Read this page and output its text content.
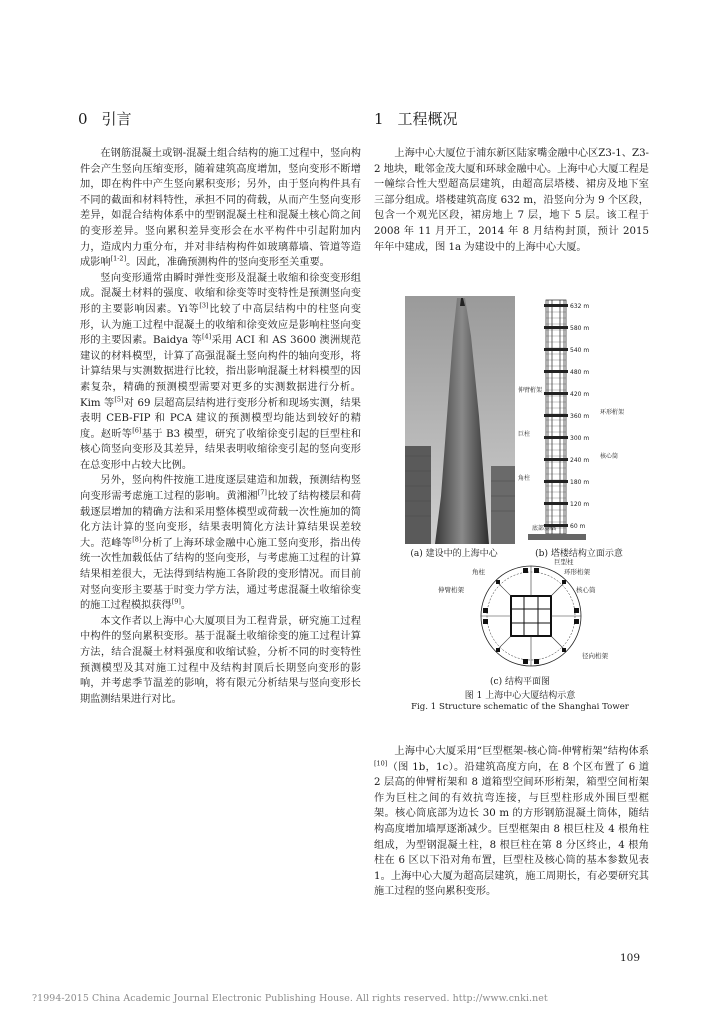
0 引言	1 工程概况

在钢筋混凝土或钢-混凝土组合结构的施工过程中，竖向构件会产生竖向压缩变形，随着建筑高度增加，竖向变形不断增加，即在构件中产生竖向累积变形；另外，由于竖向构件具有不同的截面和材料特性，承担不同的荷载，从而产生竖向变形差异，如混合结构体系中的型钢混凝土柱和混凝土核心筒之间的变形差异。竖向累积差异变形会在水平构件中引起附加内力，造成内力重分布，并对非结构构件如玻璃幕墙、管道等造成影响[1-2]。因此，准确预测构件的竖向变形至关重要。

竖向变形通常由瞬时弹性变形及混凝土收缩和徐变变形组成。混凝土材料的强度、收缩和徐变等时变特性是预测竖向变形的主要影响因素。Yi等[3]比较了中高层结构中的柱竖向变形，认为施工过程中混凝土的收缩和徐变效应是影响柱竖向变形的主要因素。Baidya 等[4]采用 ACI 和 AS 3600 澳洲规范建议的材料模型，计算了高强混凝土竖向构件的轴向变形，将计算结果与实测数据进行比较，指出影响混凝土材料模型的因素复杂，精确的预测模型需要对更多的实测数据进行分析。Kim 等[5]对 69 层超高层结构进行变形分析和现场实测，结果表明 CEB-FIP 和 PCA 建议的预测模型均能达到较好的精度。赵昕等[6]基于 B3 模型，研究了收缩徐变引起的巨型柱和核心筒竖向变形及其差异，结果表明收缩徐变引起的竖向变形在总变形中占较大比例。

另外，竖向构件按施工进度逐层建造和加载，预测结构竖向变形需考虑施工过程的影响。黄湘湘[7]比较了结构楼层和荷载逐层增加的精确方法和采用整体模型或荷载一次性施加的简化方法计算的竖向变形，结果表明简化方法计算结果误差较大。范峰等[8]分析了上海环球金融中心施工竖向变形，指出传统一次性加载低估了结构的竖向变形，与考虑施工过程的计算结果相差很大，无法得到结构施工各阶段的变形情况。而目前对竖向变形主要基于时变力学方法，通过考虑混凝土收缩徐变的施工过程模拟获得[9]。

本文作者以上海中心大厦项目为工程背景，研究施工过程中构件的竖向累积变形。基于混凝土收缩徐变的施工过程计算方法，结合混凝土材料强度和收缩试验，分析不同的时变特性预测模型及其对施工过程中及结构封顶后长期竖向变形的影响，并考虑季节温差的影响，将有限元分析结果与竖向变形长期监测结果进行对比。

上海中心大厦位于浦东新区陆家嘴金融中心区Z3-1、Z3-2 地块，毗邻金茂大厦和环球金融中心。上海中心大厦工程是一幢综合性大型超高层建筑，由超高层塔楼、裙房及地下室三部分组成。塔楼建筑高度 632 m，沿竖向分为 9 个区段，包含一个观光区段，裙房地上 7 层，地下 5 层。该工程于 2008 年 11 月开工，2014 年 8 月结构封顶，预计 2015 年年中建成，图 1a 为建设中的上海中心大厦。

上海中心大厦采用“巨型框架-核心筒-伸臂桁架”结构体系[10]（图 1b，1c）。沿建筑高度方向，在 8 个区布置了 6 道 2 层高的伸臂桁架和 8 道箱型空间环形桁架，箱型空间桁架作为巨柱之间的有效抗弯连接，与巨型柱形成外围巨型框架。核心筒底部为边长 30 m 的方形钢筋混凝土筒体，随结构高度增加墙厚逐渐减少。巨型框架由 8 根巨柱及 4 根角柱组成，为型钢混凝土柱，8 根巨柱在第 8 分区终止，4 根角柱在 6 区以下沿对角布置，巨型柱及核心筒的基本参数见表 1。上海中心大厦为超高层建筑，施工周期长，有必要研究其施工过程的竖向累积变形。

632 m
580 m
540 m
480 m
420 m
360 m
300 m
240 m
180 m
120 m
60 m
底部基础
伸臂桁架
环形桁架
巨柱
核心筒
角柱
(a) 建设中的上海中心	(b) 塔楼结构立面示意
角柱
伸臂桁架
巨型柱
环形桁架
核心筒
径向桁架
(c) 结构平面图
图 1 上海中心大厦结构示意
Fig. 1 Structure schematic of the Shanghai Tower
109
?1994-2015 China Academic Journal Electronic Publishing House. All rights reserved. http://www.cnki.net
